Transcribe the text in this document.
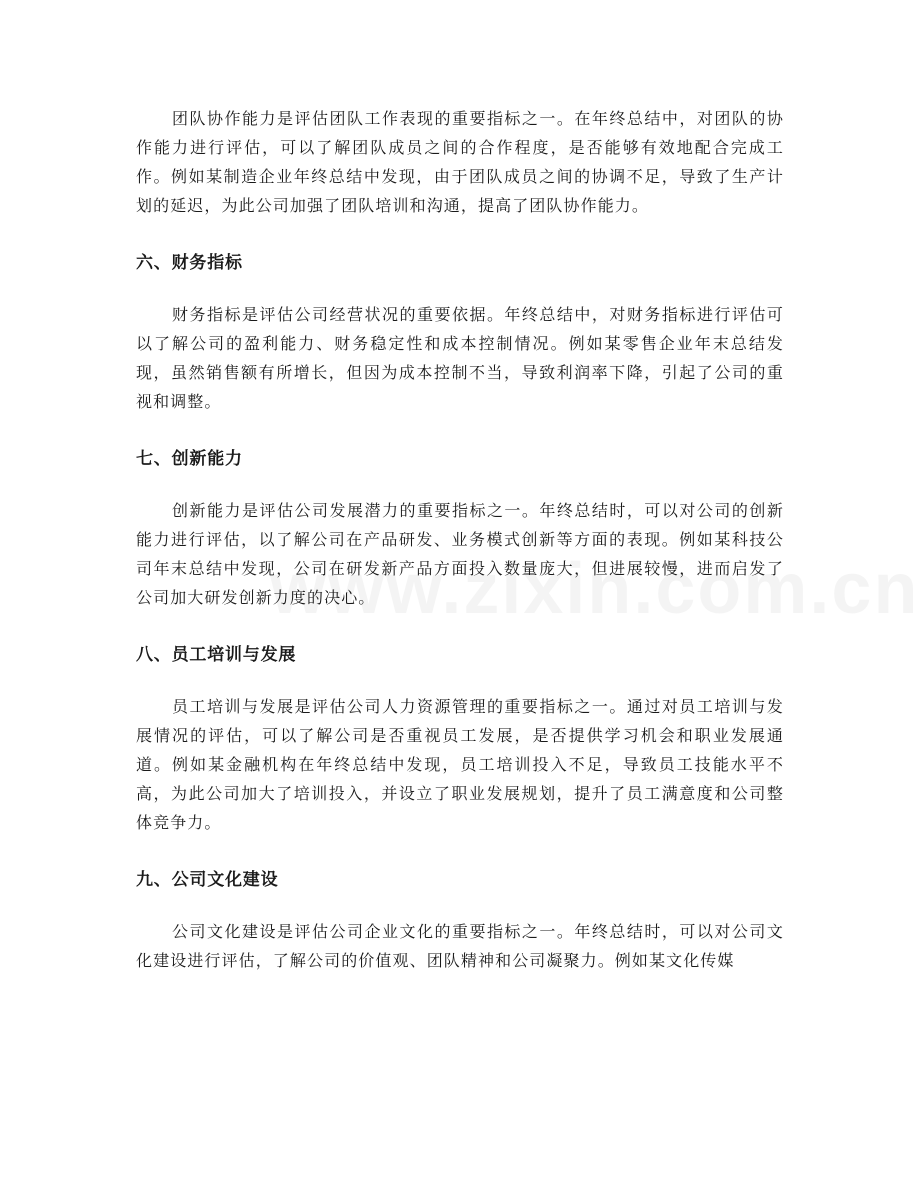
团队协作能力是评估团队工作表现的重要指标之一。在年终总结中，对团队的协作能力进行评估，可以了解团队成员之间的合作程度，是否能够有效地配合完成工作。例如某制造企业年终总结中发现，由于团队成员之间的协调不足，导致了生产计划的延迟，为此公司加强了团队培训和沟通，提高了团队协作能力。

六、财务指标

财务指标是评估公司经营状况的重要依据。年终总结中，对财务指标进行评估可以了解公司的盈利能力、财务稳定性和成本控制情况。例如某零售企业年末总结发现，虽然销售额有所增长，但因为成本控制不当，导致利润率下降，引起了公司的重视和调整。

七、创新能力

创新能力是评估公司发展潜力的重要指标之一。年终总结时，可以对公司的创新能力进行评估，以了解公司在产品研发、业务模式创新等方面的表现。例如某科技公司年末总结中发现，公司在研发新产品方面投入数量庞大，但进展较慢，进而启发了公司加大研发创新力度的决心。

八、员工培训与发展

员工培训与发展是评估公司人力资源管理的重要指标之一。通过对员工培训与发展情况的评估，可以了解公司是否重视员工发展，是否提供学习机会和职业发展通道。例如某金融机构在年终总结中发现，员工培训投入不足，导致员工技能水平不高，为此公司加大了培训投入，并设立了职业发展规划，提升了员工满意度和公司整体竞争力。

九、公司文化建设

公司文化建设是评估公司企业文化的重要指标之一。年终总结时，可以对公司文化建设进行评估，了解公司的价值观、团队精神和公司凝聚力。例如某文化传媒
